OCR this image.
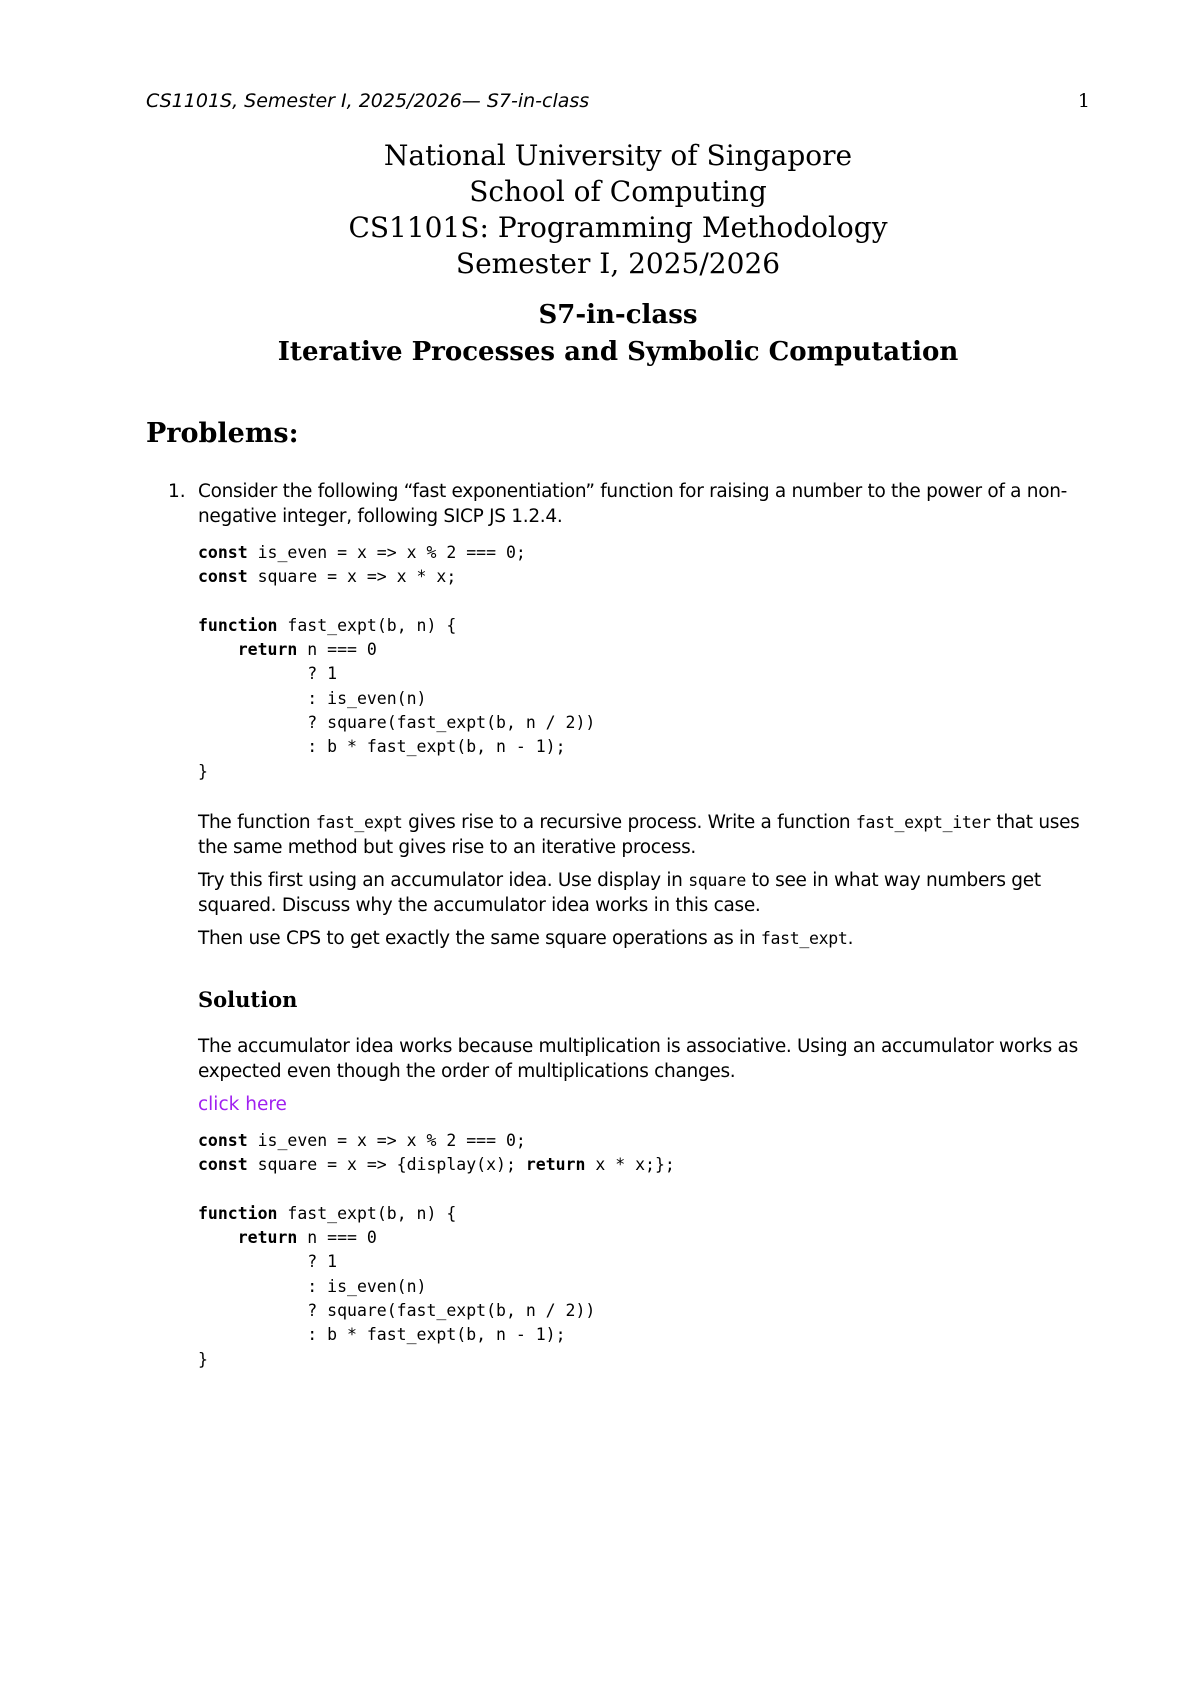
CS1101S, Semester I, 2025/2026— S7-in-class	1
National University of Singapore
School of Computing
CS1101S: Programming Methodology
Semester I, 2025/2026
S7-in-class
Iterative Processes and Symbolic Computation
Problems:
1. Consider the following “fast exponentiation” function for raising a number to the power of a non-negative integer, following SICP JS 1.2.4.

const is_even = x => x % 2 === 0;
const square = x => x * x;

function fast_expt(b, n) {
return n === 0
? 1
: is_even(n)
? square(fast_expt(b, n / 2))
: b * fast_expt(b, n - 1);
}

The function fast_expt gives rise to a recursive process. Write a function fast_expt_iter that uses the same method but gives rise to an iterative process.

Try this first using an accumulator idea. Use display in square to see in what way numbers get squared. Discuss why the accumulator idea works in this case.

Then use CPS to get exactly the same square operations as in fast_expt.

Solution

The accumulator idea works because multiplication is associative. Using an accumulator works as expected even though the order of multiplications changes.

click here
const is_even = x => x % 2 === 0;
const square = x => {display(x); return x * x;};

function fast_expt(b, n) {
return n === 0
? 1
: is_even(n)
? square(fast_expt(b, n / 2))
: b * fast_expt(b, n - 1);
}
